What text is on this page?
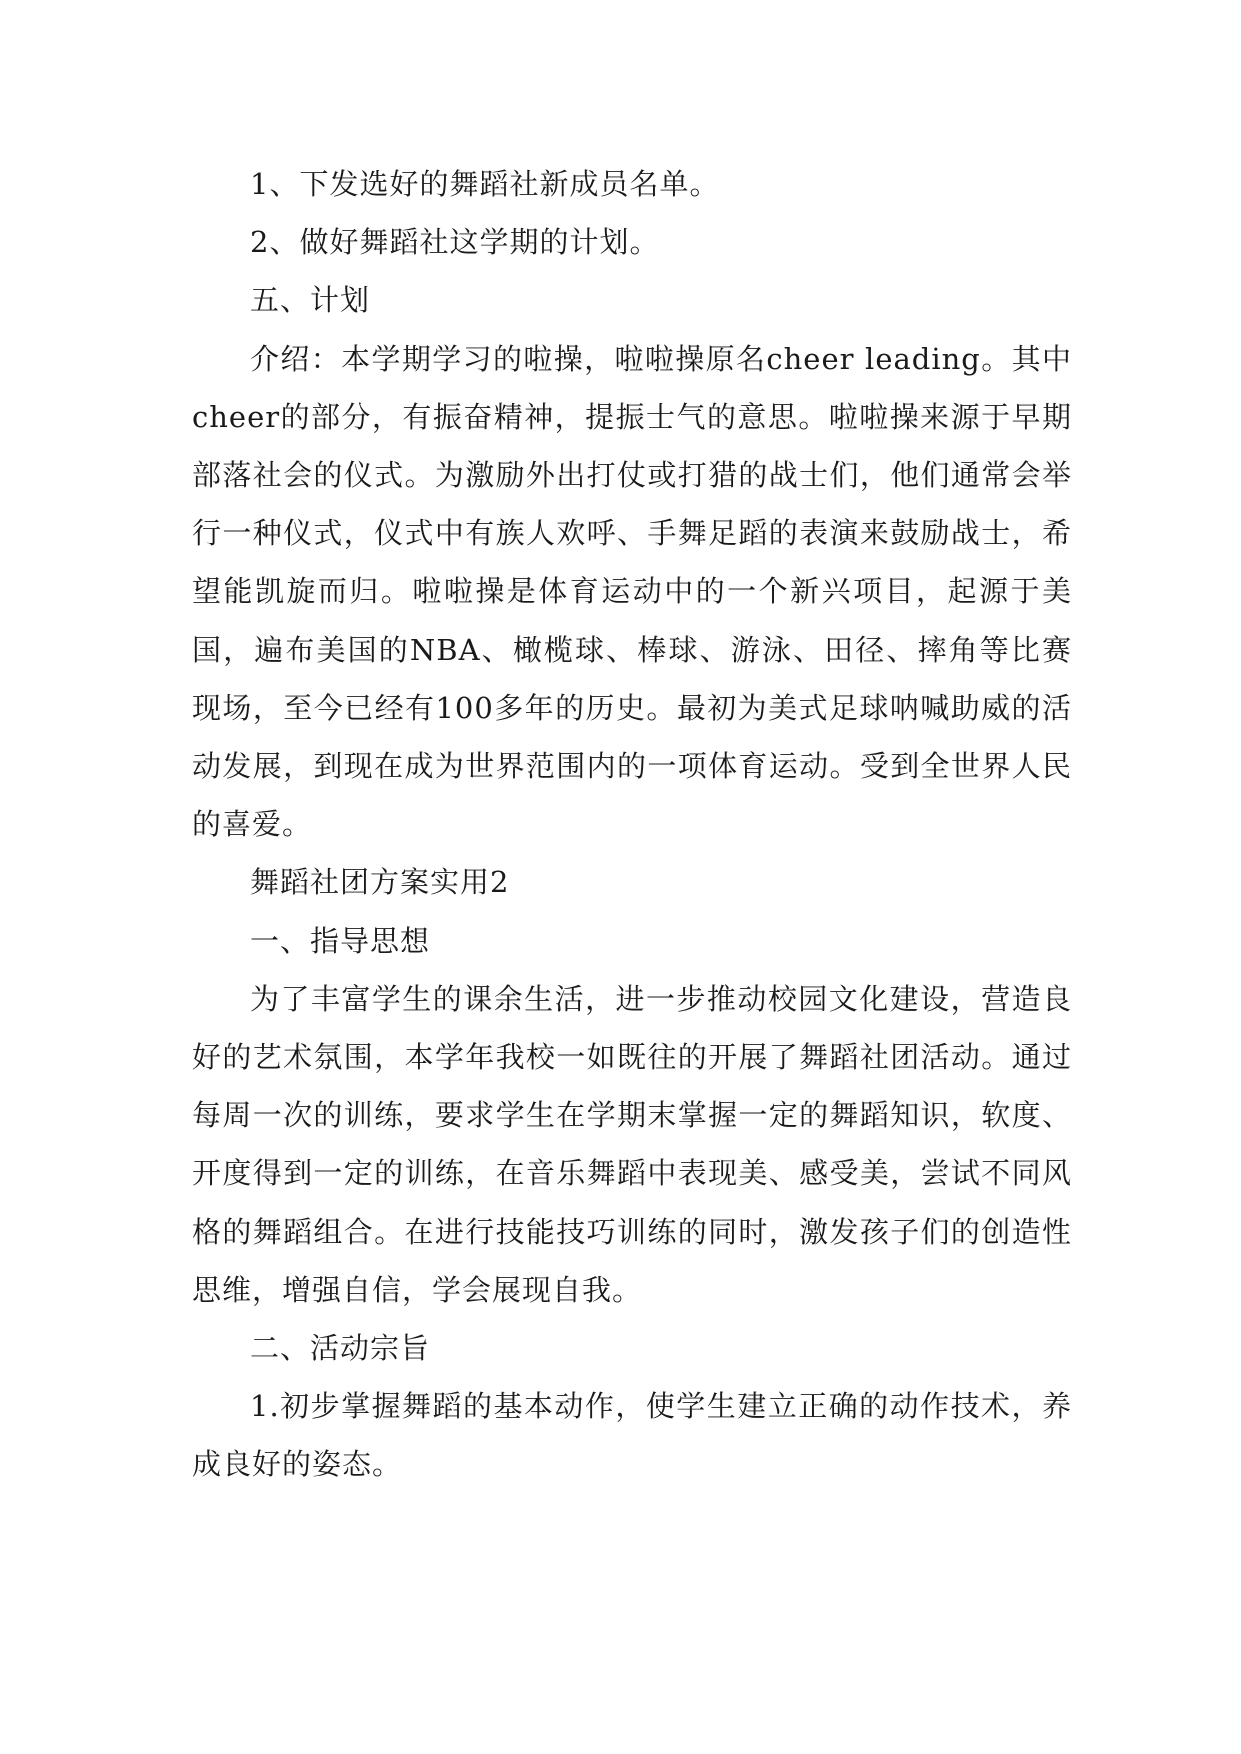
1、下发选好的舞蹈社新成员名单。

2、做好舞蹈社这学期的计划。

五、计划

介绍：本学期学习的啦操，啦啦操原名cheer leading。其中cheer的部分，有振奋精神，提振士气的意思。啦啦操来源于早期部落社会的仪式。为激励外出打仗或打猎的战士们，他们通常会举行一种仪式，仪式中有族人欢呼、手舞足蹈的表演来鼓励战士，希望能凯旋而归。啦啦操是体育运动中的一个新兴项目，起源于美国，遍布美国的NBA、橄榄球、棒球、游泳、田径、摔角等比赛现场，至今已经有100多年的历史。最初为美式足球呐喊助威的活动发展，到现在成为世界范围内的一项体育运动。受到全世界人民的喜爱。

舞蹈社团方案实用2

一、指导思想

为了丰富学生的课余生活，进一步推动校园文化建设，营造良好的艺术氛围，本学年我校一如既往的开展了舞蹈社团活动。通过每周一次的训练，要求学生在学期末掌握一定的舞蹈知识，软度、开度得到一定的训练，在音乐舞蹈中表现美、感受美，尝试不同风格的舞蹈组合。在进行技能技巧训练的同时，激发孩子们的创造性思维，增强自信，学会展现自我。

二、活动宗旨

1.初步掌握舞蹈的基本动作，使学生建立正确的动作技术，养成良好的姿态。
